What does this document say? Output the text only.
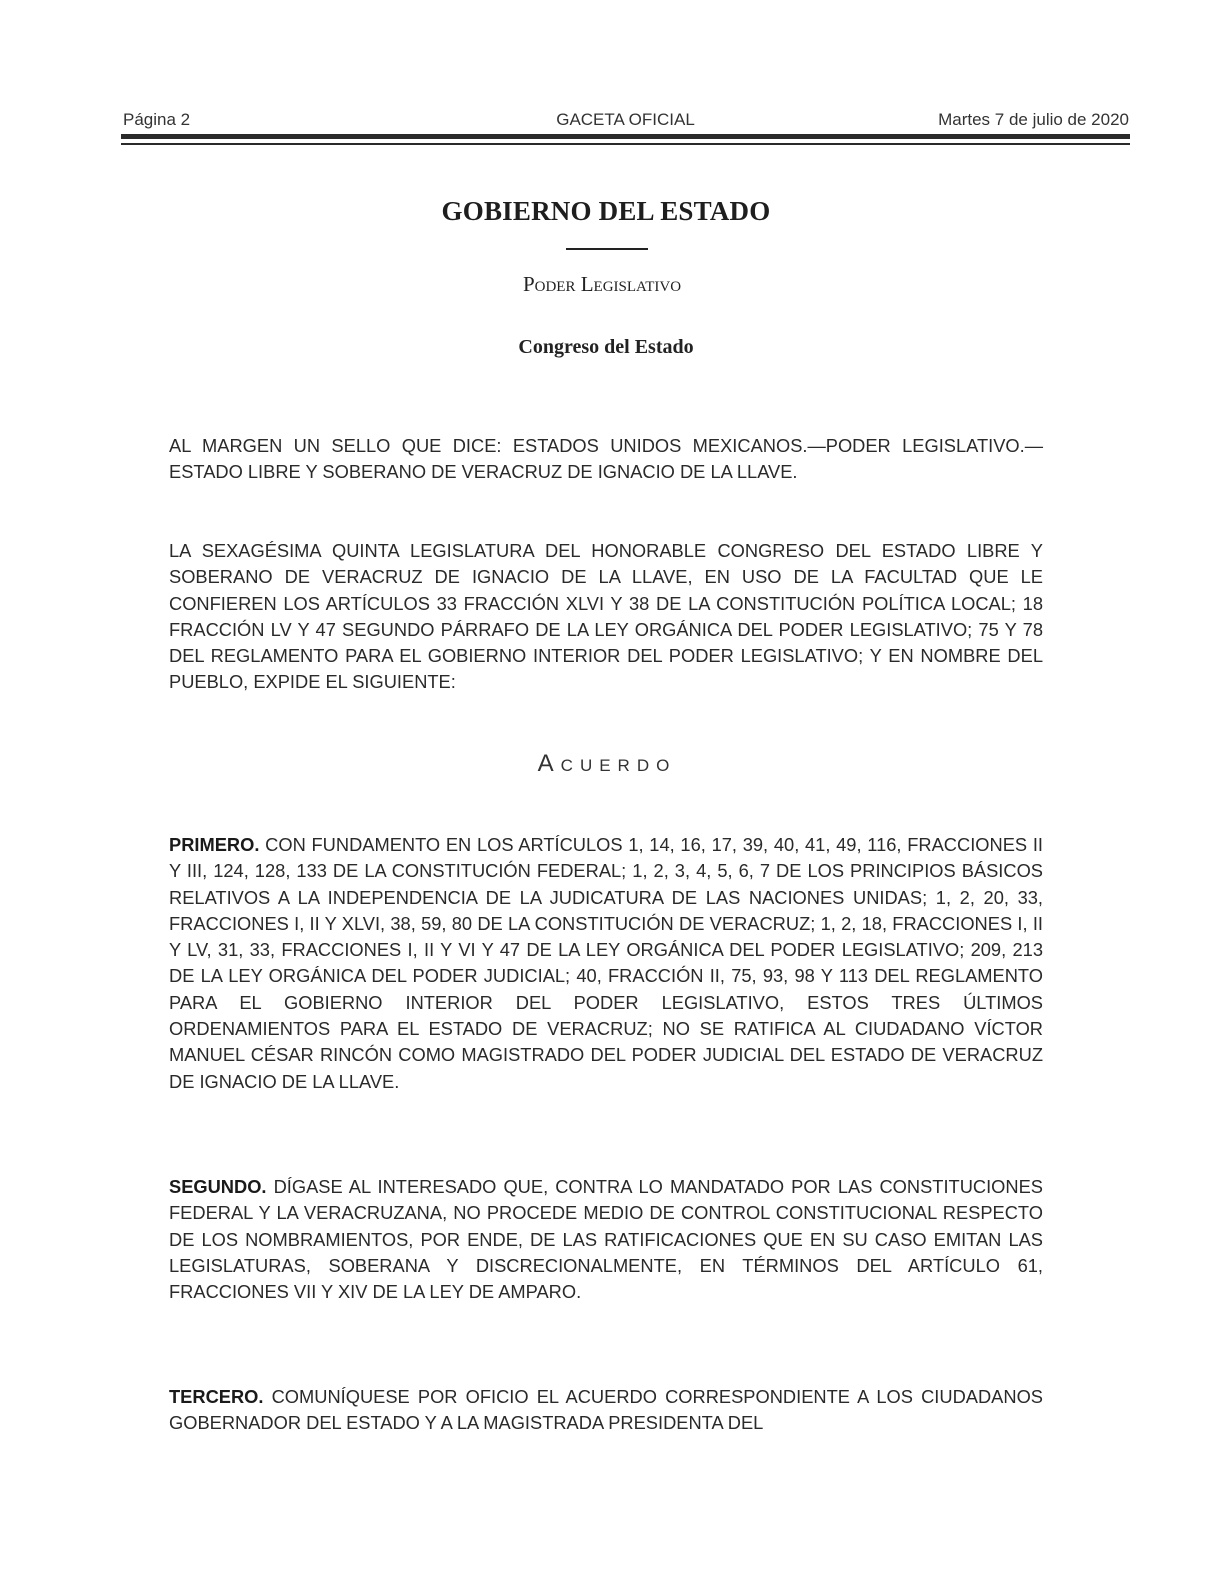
Página 2	GACETA OFICIAL	Martes 7 de julio de 2020
GOBIERNO DEL ESTADO
Poder Legislativo
Congreso del Estado

AL MARGEN UN SELLO QUE DICE: ESTADOS UNIDOS MEXICANOS.—PODER LEGISLATIVO.—ESTADO LIBRE Y SOBERANO DE VERACRUZ DE IGNACIO DE LA LLAVE.

LA SEXAGÉSIMA QUINTA LEGISLATURA DEL HONORABLE CONGRESO DEL ESTADO LIBRE Y SOBERANO DE VERACRUZ DE IGNACIO DE LA LLAVE, EN USO DE LA FACULTAD QUE LE CONFIEREN LOS ARTÍCULOS 33 FRACCIÓN XLVI Y 38 DE LA CONSTITUCIÓN POLÍTICA LOCAL; 18 FRACCIÓN LV Y 47 SEGUNDO PÁRRAFO DE LA LEY ORGÁNICA DEL PODER LEGISLATIVO; 75 Y 78 DEL REGLAMENTO PARA EL GOBIERNO INTERIOR DEL PODER LEGISLATIVO; Y EN NOMBRE DEL PUEBLO, EXPIDE EL SIGUIENTE:

Acuerdo

PRIMERO. CON FUNDAMENTO EN LOS ARTÍCULOS 1, 14, 16, 17, 39, 40, 41, 49, 116, FRACCIONES II Y III, 124, 128, 133 DE LA CONSTITUCIÓN FEDERAL; 1, 2, 3, 4, 5, 6, 7 DE LOS PRINCIPIOS BÁSICOS RELATIVOS A LA INDEPENDENCIA DE LA JUDICATURA DE LAS NACIONES UNIDAS; 1, 2, 20, 33, FRACCIONES I, II Y XLVI, 38, 59, 80 DE LA CONSTITUCIÓN DE VERACRUZ; 1, 2, 18, FRACCIONES I, II Y LV, 31, 33, FRACCIONES I, II Y VI Y 47 DE LA LEY ORGÁNICA DEL PODER LEGISLATIVO; 209, 213 DE LA LEY ORGÁNICA DEL PODER JUDICIAL; 40, FRACCIÓN II, 75, 93, 98 Y 113 DEL REGLAMENTO PARA EL GOBIERNO INTERIOR DEL PODER LEGISLATIVO, ESTOS TRES ÚLTIMOS ORDENAMIENTOS PARA EL ESTADO DE VERACRUZ; NO SE RATIFICA AL CIUDADANO VÍCTOR MANUEL CÉSAR RINCÓN COMO MAGISTRADO DEL PODER JUDICIAL DEL ESTADO DE VERACRUZ DE IGNACIO DE LA LLAVE.

SEGUNDO. DÍGASE AL INTERESADO QUE, CONTRA LO MANDATADO POR LAS CONSTITUCIONES FEDERAL Y LA VERACRUZANA, NO PROCEDE MEDIO DE CONTROL CONSTITUCIONAL RESPECTO DE LOS NOMBRAMIENTOS, POR ENDE, DE LAS RATIFICACIONES QUE EN SU CASO EMITAN LAS LEGISLATURAS, SOBERANA Y DISCRECIONALMENTE, EN TÉRMINOS DEL ARTÍCULO 61, FRACCIONES VII Y XIV DE LA LEY DE AMPARO.

TERCERO. COMUNÍQUESE POR OFICIO EL ACUERDO CORRESPONDIENTE A LOS CIUDADANOS GOBERNADOR DEL ESTADO Y A LA MAGISTRADA PRESIDENTA DEL
